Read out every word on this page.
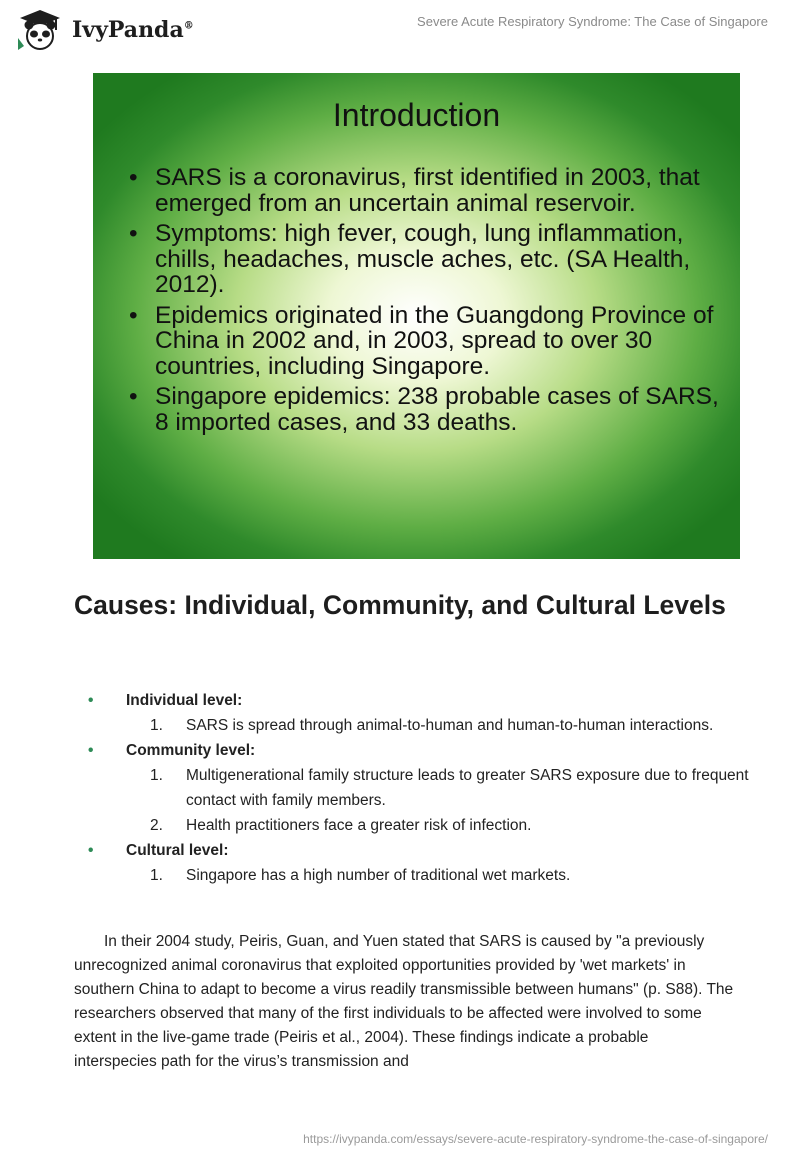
IvyPanda®	Severe Acute Respiratory Syndrome: The Case of Singapore
Introduction
• SARS is a coronavirus, first identified in 2003, that emerged from an uncertain animal reservoir.
• Symptoms: high fever, cough, lung inflammation, chills, headaches, muscle aches, etc. (SA Health, 2012).
• Epidemics originated in the Guangdong Province of China in 2002 and, in 2003, spread to over 30 countries, including Singapore.
• Singapore epidemics: 238 probable cases of SARS, 8 imported cases, and 33 deaths.
Causes: Individual, Community, and Cultural Levels
• Individual level:
1. SARS is spread through animal-to-human and human-to-human interactions.
• Community level:
1. Multigenerational family structure leads to greater SARS exposure due to frequent contact with family members.
2. Health practitioners face a greater risk of infection.
• Cultural level:
1. Singapore has a high number of traditional wet markets.

In their 2004 study, Peiris, Guan, and Yuen stated that SARS is caused by "a previously unrecognized animal coronavirus that exploited opportunities provided by 'wet markets' in southern China to adapt to become a virus readily transmissible between humans" (p. S88). The researchers observed that many of the first individuals to be affected were involved to some extent in the live-game trade (Peiris et al., 2004). These findings indicate a probable interspecies path for the virus’s transmission and

https://ivypanda.com/essays/severe-acute-respiratory-syndrome-the-case-of-singapore/
